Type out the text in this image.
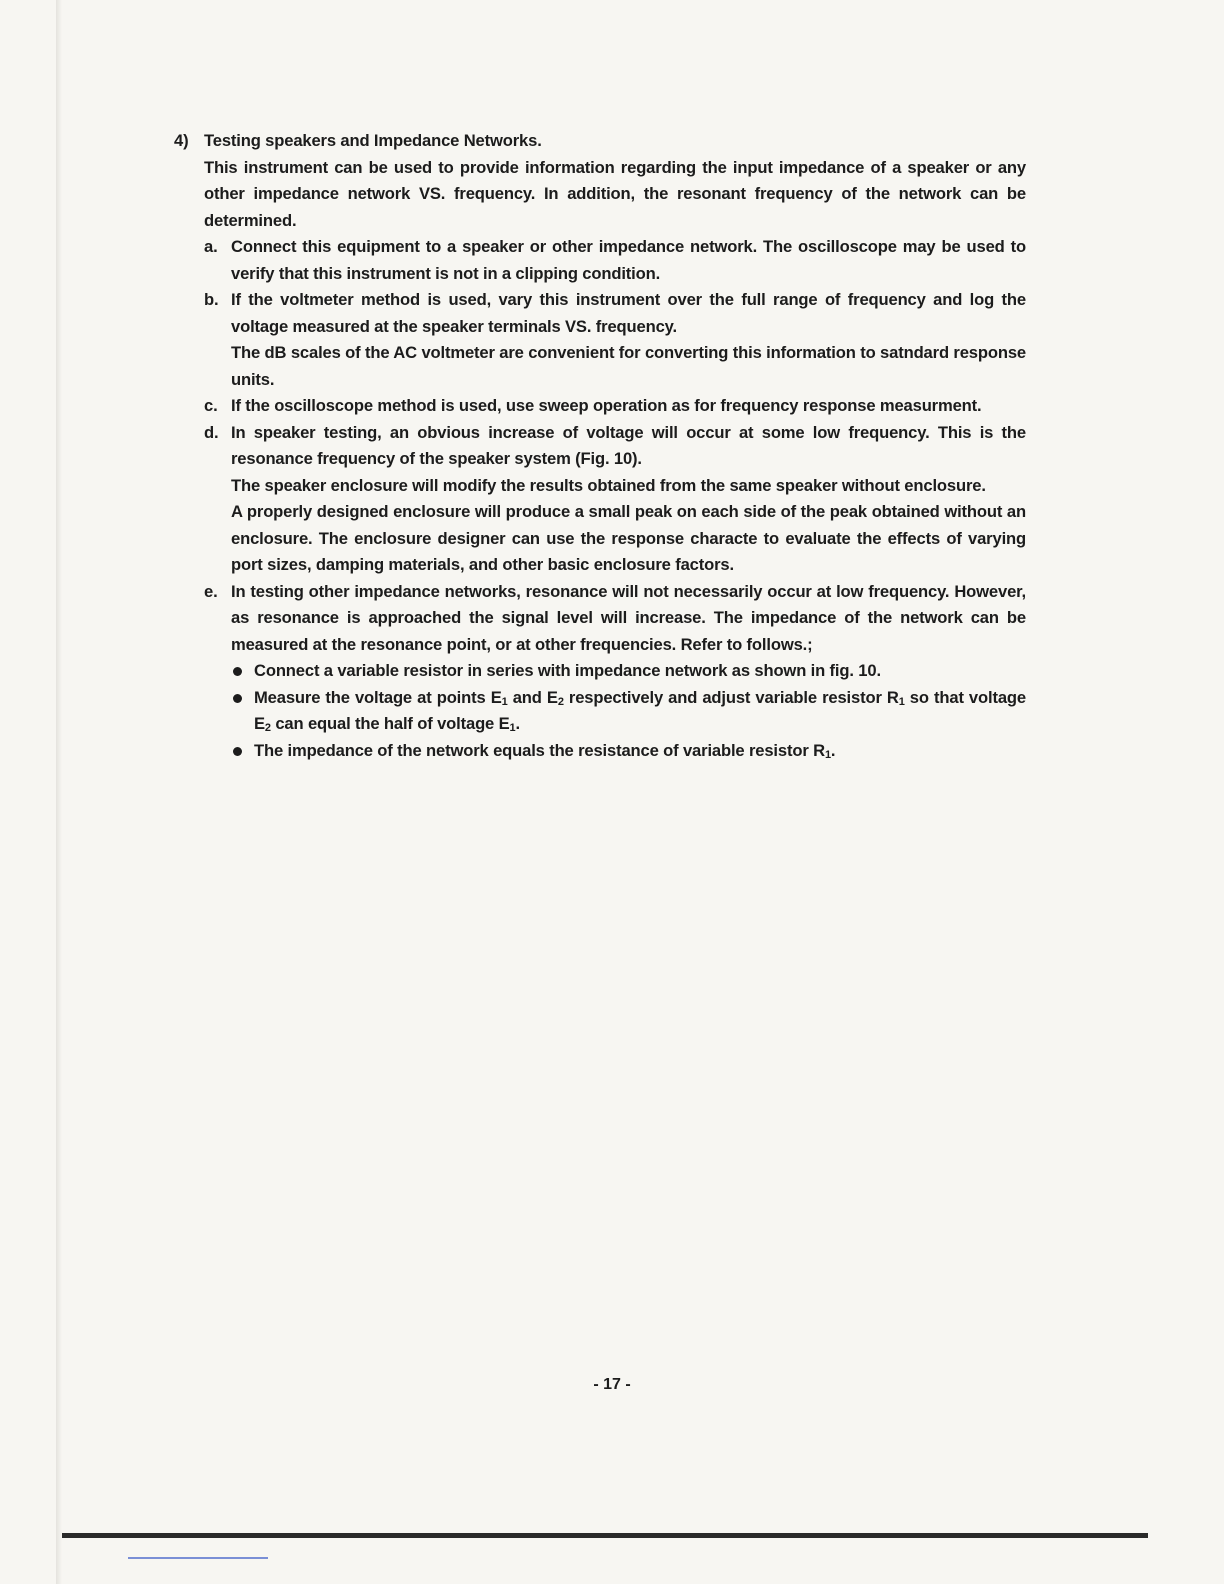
4) Testing speakers and Impedance Networks.

This instrument can be used to provide information regarding the input impedance of a speaker or any other impedance network VS. frequency. In addition, the resonant frequency of the network can be determined.

a. Connect this equipment to a speaker or other impedance network. The oscilloscope may be used to verify that this instrument is not in a clipping condition.

b. If the voltmeter method is used, vary this instrument over the full range of frequency and log the voltage measured at the speaker terminals VS. frequency.

The dB scales of the AC voltmeter are convenient for converting this information to satndard response units.

c. If the oscilloscope method is used, use sweep operation as for frequency response measurment.

d. In speaker testing, an obvious increase of voltage will occur at some low frequency. This is the resonance frequency of the speaker system (Fig. 10).

The speaker enclosure will modify the results obtained from the same speaker without enclosure.

A properly designed enclosure will produce a small peak on each side of the peak obtained without an enclosure. The enclosure designer can use the response characte to evaluate the effects of varying port sizes, damping materials, and other basic enclosure factors.

e. In testing other impedance networks, resonance will not necessarily occur at low frequency. However, as resonance is approached the signal level will increase. The impedance of the network can be measured at the resonance point, or at other frequencies. Refer to follows.;

Connect a variable resistor in series with impedance network as shown in fig. 10.
Measure the voltage at points $E_1$ and $E_2$ respectively and adjust variable resistor $R_1$ so that voltage $E_2$ can equal the half of voltage $E_1$.
The impedance of the network equals the resistance of variable resistor $R_1$.
- 17 -
